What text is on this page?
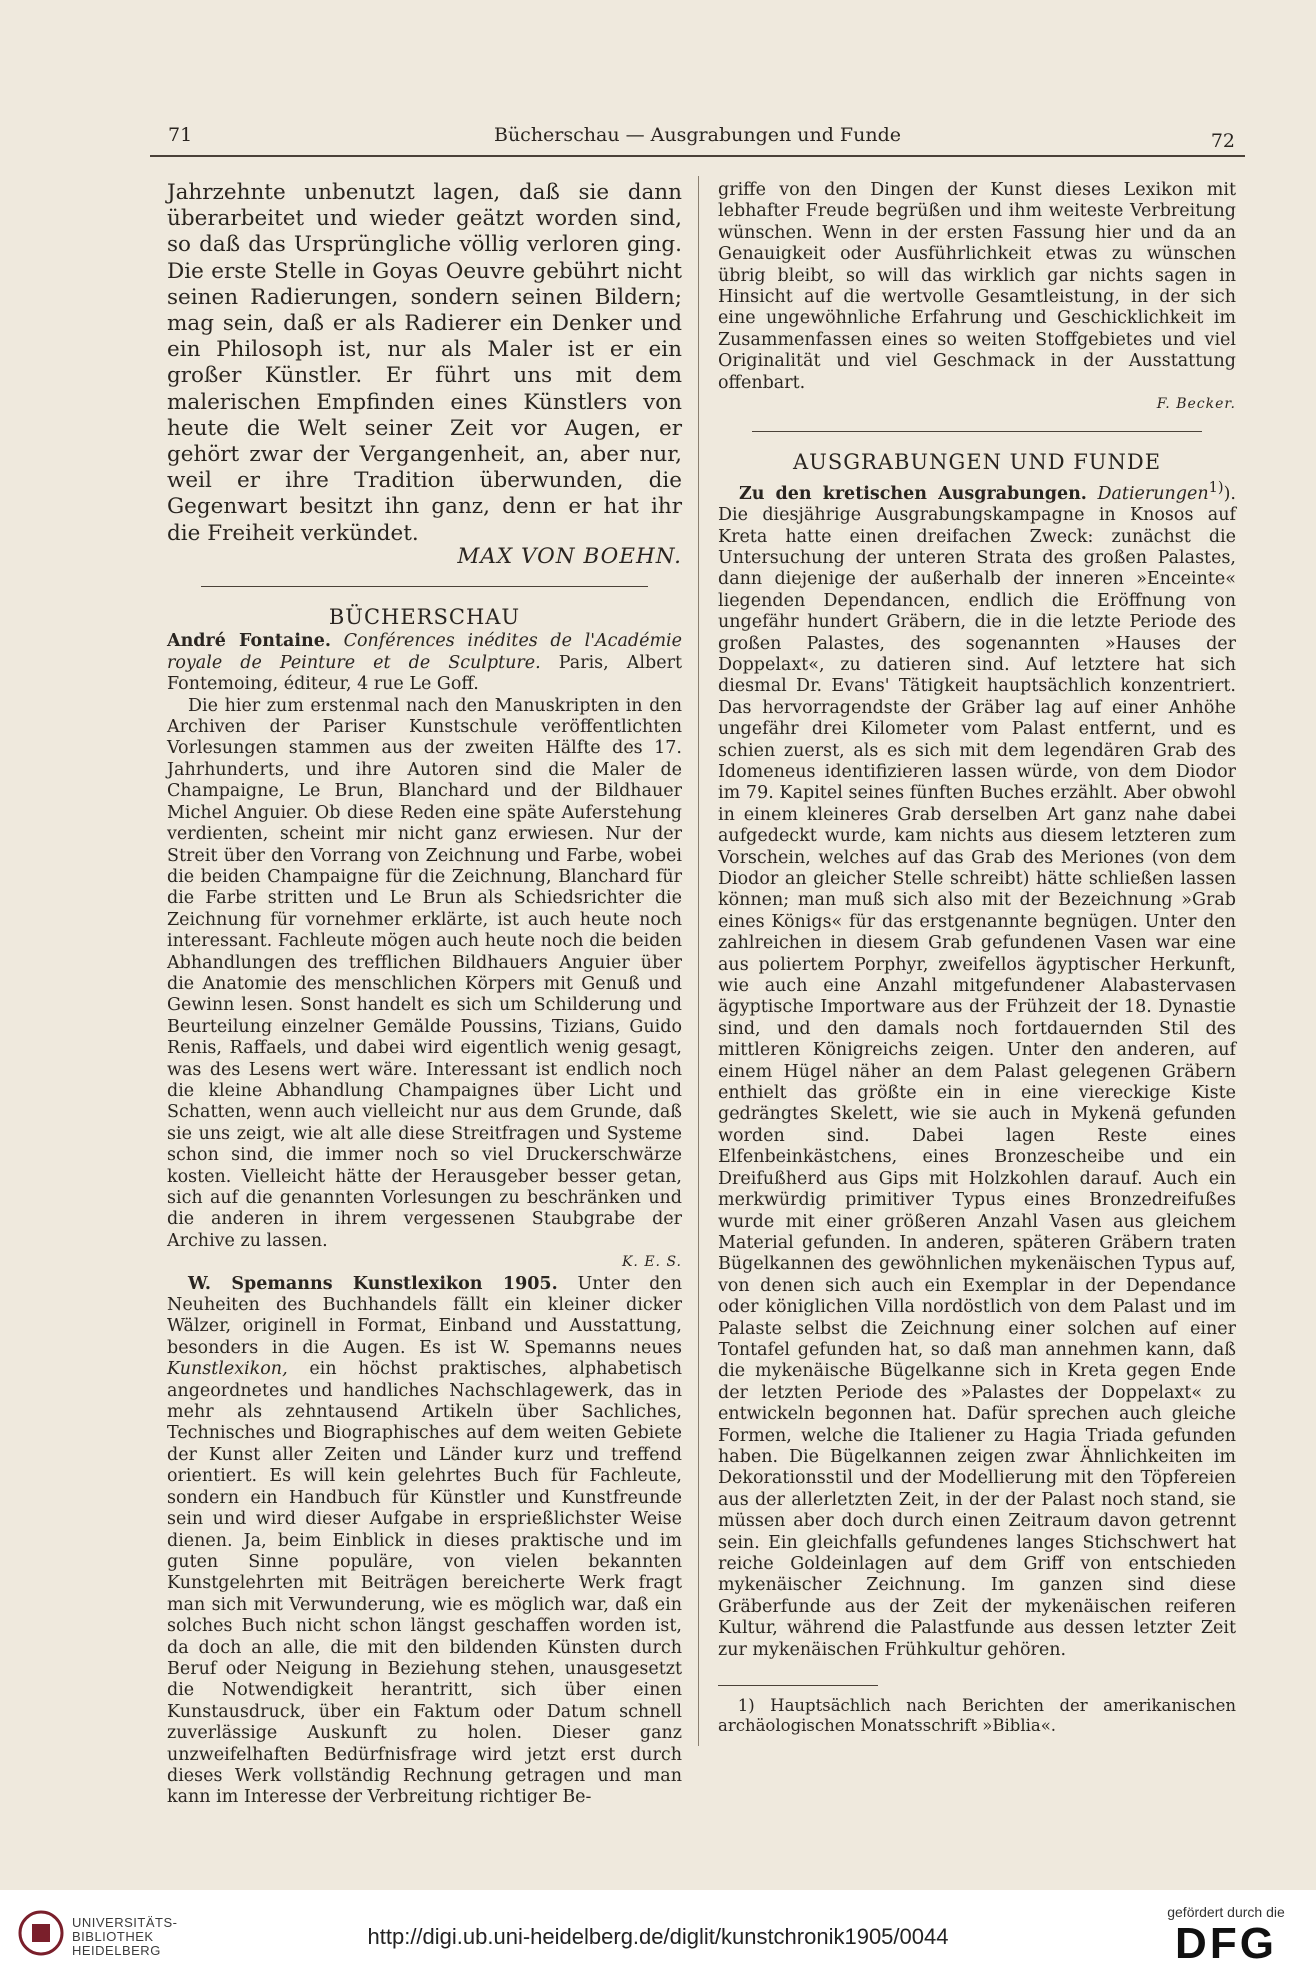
71	Bücherschau — Ausgrabungen und Funde	72

Jahrzehnte unbenutzt lagen, daß sie dann überarbeitet und wieder geätzt worden sind, so daß das Ursprüngliche völlig verloren ging. Die erste Stelle in Goyas Oeuvre gebührt nicht seinen Radierungen, sondern seinen Bildern; mag sein, daß er als Radierer ein Denker und ein Philosoph ist, nur als Maler ist er ein großer Künstler. Er führt uns mit dem malerischen Empfinden eines Künstlers von heute die Welt seiner Zeit vor Augen, er gehört zwar der Vergangenheit, an, aber nur, weil er ihre Tradition überwunden, die Gegenwart besitzt ihn ganz, denn er hat ihr die Freiheit verkündet.

MAX VON BOEHN.
BÜCHERSCHAU

André Fontaine. Conférences inédites de l'Académie royale de Peinture et de Sculpture. Paris, Albert Fontemoing, éditeur, 4 rue Le Goff.

Die hier zum erstenmal nach den Manuskripten in den Archiven der Pariser Kunstschule veröffentlichten Vorlesungen stammen aus der zweiten Hälfte des 17. Jahrhunderts, und ihre Autoren sind die Maler de Champaigne, Le Brun, Blanchard und der Bildhauer Michel Anguier. Ob diese Reden eine späte Auferstehung verdienten, scheint mir nicht ganz erwiesen. Nur der Streit über den Vorrang von Zeichnung und Farbe, wobei die beiden Champaigne für die Zeichnung, Blanchard für die Farbe stritten und Le Brun als Schiedsrichter die Zeichnung für vornehmer erklärte, ist auch heute noch interessant. Fachleute mögen auch heute noch die beiden Abhandlungen des trefflichen Bildhauers Anguier über die Anatomie des menschlichen Körpers mit Genuß und Gewinn lesen. Sonst handelt es sich um Schilderung und Beurteilung einzelner Gemälde Poussins, Tizians, Guido Renis, Raffaels, und dabei wird eigentlich wenig gesagt, was des Lesens wert wäre. Interessant ist endlich noch die kleine Abhandlung Champaignes über Licht und Schatten, wenn auch vielleicht nur aus dem Grunde, daß sie uns zeigt, wie alt alle diese Streitfragen und Systeme schon sind, die immer noch so viel Druckerschwärze kosten. Vielleicht hätte der Herausgeber besser getan, sich auf die genannten Vorlesungen zu beschränken und die anderen in ihrem vergessenen Staubgrabe der Archive zu lassen.

K. E. S.

W. Spemanns Kunstlexikon 1905. Unter den Neuheiten des Buchhandels fällt ein kleiner dicker Wälzer, originell in Format, Einband und Ausstattung, besonders in die Augen. Es ist W. Spemanns neues Kunstlexikon, ein höchst praktisches, alphabetisch angeordnetes und handliches Nachschlagewerk, das in mehr als zehntausend Artikeln über Sachliches, Technisches und Biographisches auf dem weiten Gebiete der Kunst aller Zeiten und Länder kurz und treffend orientiert. Es will kein gelehrtes Buch für Fachleute, sondern ein Handbuch für Künstler und Kunstfreunde sein und wird dieser Aufgabe in ersprießlichster Weise dienen. Ja, beim Einblick in dieses praktische und im guten Sinne populäre, von vielen bekannten Kunstgelehrten mit Beiträgen bereicherte Werk fragt man sich mit Verwunderung, wie es möglich war, daß ein solches Buch nicht schon längst geschaffen worden ist, da doch an alle, die mit den bildenden Künsten durch Beruf oder Neigung in Beziehung stehen, unausgesetzt die Notwendigkeit herantritt, sich über einen Kunstausdruck, über ein Faktum oder Datum schnell zuverlässige Auskunft zu holen. Dieser ganz unzweifelhaften Bedürfnisfrage wird jetzt erst durch dieses Werk vollständig Rechnung getragen und man kann im Interesse der Verbreitung richtiger Be-

griffe von den Dingen der Kunst dieses Lexikon mit lebhafter Freude begrüßen und ihm weiteste Verbreitung wünschen. Wenn in der ersten Fassung hier und da an Genauigkeit oder Ausführlichkeit etwas zu wünschen übrig bleibt, so will das wirklich gar nichts sagen in Hinsicht auf die wertvolle Gesamtleistung, in der sich eine ungewöhnliche Erfahrung und Geschicklichkeit im Zusammenfassen eines so weiten Stoffgebietes und viel Originalität und viel Geschmack in der Ausstattung offenbart.

F. Becker.
AUSGRABUNGEN UND FUNDE

Zu den kretischen Ausgrabungen. Datierungen$^{1)}$). Die diesjährige Ausgrabungskampagne in Knosos auf Kreta hatte einen dreifachen Zweck: zunächst die Untersuchung der unteren Strata des großen Palastes, dann diejenige der außerhalb der inneren »Enceinte« liegenden Dependancen, endlich die Eröffnung von ungefähr hundert Gräbern, die in die letzte Periode des großen Palastes, des sogenannten »Hauses der Doppelaxt«, zu datieren sind. Auf letztere hat sich diesmal Dr. Evans' Tätigkeit hauptsächlich konzentriert. Das hervorragendste der Gräber lag auf einer Anhöhe ungefähr drei Kilometer vom Palast entfernt, und es schien zuerst, als es sich mit dem legendären Grab des Idomeneus identifizieren lassen würde, von dem Diodor im 79. Kapitel seines fünften Buches erzählt. Aber obwohl in einem kleineres Grab derselben Art ganz nahe dabei aufgedeckt wurde, kam nichts aus diesem letzteren zum Vorschein, welches auf das Grab des Meriones (von dem Diodor an gleicher Stelle schreibt) hätte schließen lassen können; man muß sich also mit der Bezeichnung »Grab eines Königs« für das erstgenannte begnügen. Unter den zahlreichen in diesem Grab gefundenen Vasen war eine aus poliertem Porphyr, zweifellos ägyptischer Herkunft, wie auch eine Anzahl mitgefundener Alabastervasen ägyptische Importware aus der Frühzeit der 18. Dynastie sind, und den damals noch fortdauernden Stil des mittleren Königreichs zeigen. Unter den anderen, auf einem Hügel näher an dem Palast gelegenen Gräbern enthielt das größte ein in eine viereckige Kiste gedrängtes Skelett, wie sie auch in Mykenä gefunden worden sind. Dabei lagen Reste eines Elfenbeinkästchens, eines Bronzescheibe und ein Dreifußherd aus Gips mit Holzkohlen darauf. Auch ein merkwürdig primitiver Typus eines Bronzedreifußes wurde mit einer größeren Anzahl Vasen aus gleichem Material gefunden. In anderen, späteren Gräbern traten Bügelkannen des gewöhnlichen mykenäischen Typus auf, von denen sich auch ein Exemplar in der Dependance oder königlichen Villa nordöstlich von dem Palast und im Palaste selbst die Zeichnung einer solchen auf einer Tontafel gefunden hat, so daß man annehmen kann, daß die mykenäische Bügelkanne sich in Kreta gegen Ende der letzten Periode des »Palastes der Doppelaxt« zu entwickeln begonnen hat. Dafür sprechen auch gleiche Formen, welche die Italiener zu Hagia Triada gefunden haben. Die Bügelkannen zeigen zwar Ähnlichkeiten im Dekorationsstil und der Modellierung mit den Töpfereien aus der allerletzten Zeit, in der der Palast noch stand, sie müssen aber doch durch einen Zeitraum davon getrennt sein. Ein gleichfalls gefundenes langes Stichschwert hat reiche Goldeinlagen auf dem Griff von entschieden mykenäischer Zeichnung. Im ganzen sind diese Gräberfunde aus der Zeit der mykenäischen reiferen Kultur, während die Palastfunde aus dessen letzter Zeit zur mykenäischen Frühkultur gehören.

1) Hauptsächlich nach Berichten der amerikanischen archäologischen Monatsschrift »Biblia«.

UNIVERSITÄTS-
BIBLIOTHEK
HEIDELBERG
http://digi.ub.uni-heidelberg.de/diglit/kunstchronik1905/0044
gefördert durch die
DFG
